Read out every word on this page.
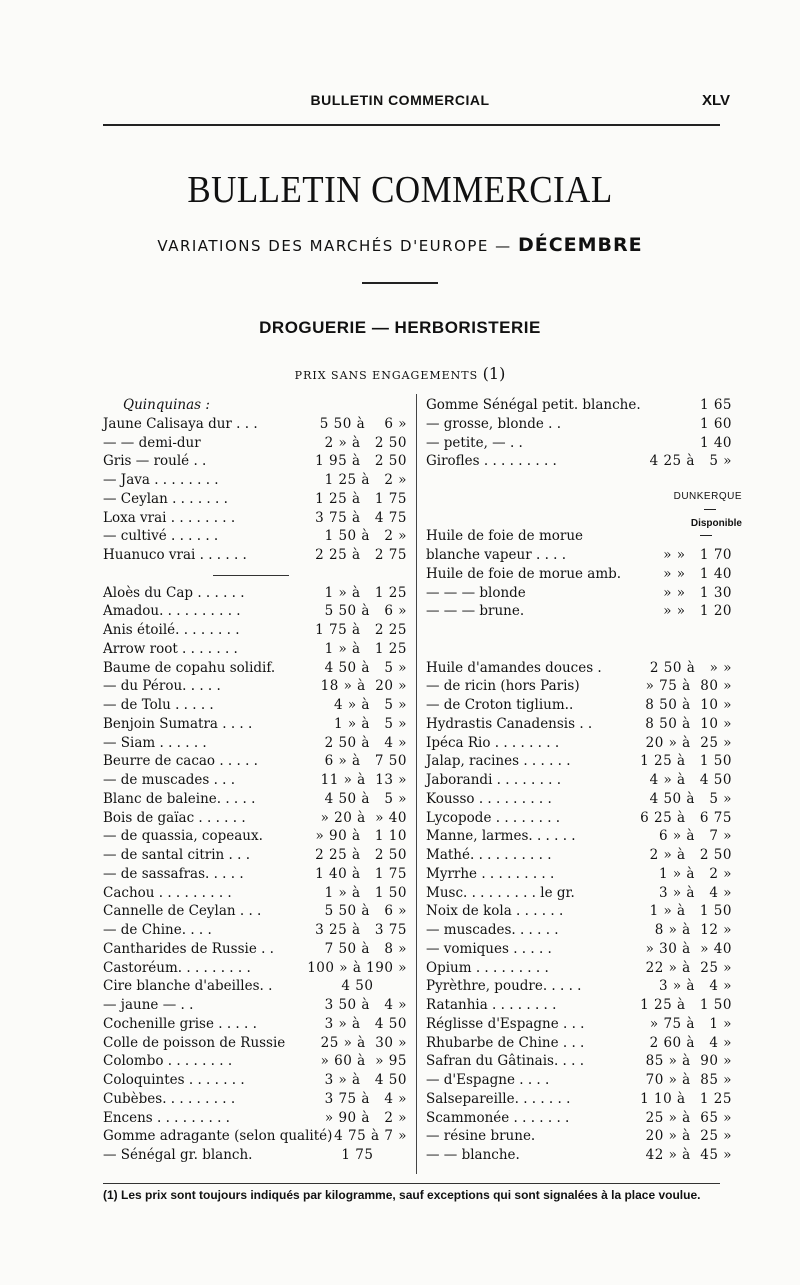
BULLETIN COMMERCIAL	XLV
BULLETIN COMMERCIAL
VARIATIONS DES MARCHÉS D'EUROPE — DÉCEMBRE
DROGUERIE — HERBORISTERIE
PRIX SANS ENGAGEMENTS (1)
Quinquinas :
Jaune Calisaya dur . . .	5 50 à    6 »
— — demi-dur	2 » à   2 50
Gris — roulé . .	1 95 à   2 50
— Java . . . . . . . .	1 25 à   2 »
— Ceylan . . . . . . .	1 25 à   1 75
Loxa vrai . . . . . . . .	3 75 à   4 75
— cultivé . . . . . .	1 50 à   2 »
Huanuco vrai . . . . . .	2 25 à   2 75
Aloès du Cap . . . . . .	1 » à   1 25
Amadou. . . . . . . . . .	5 50 à   6 »
Anis étoilé. . . . . . . .	1 75 à   2 25
Arrow root . . . . . . .	1 » à   1 25
Baume de copahu solidif.	4 50 à   5 »
— du Pérou. . . . .	18 » à  20 »
— de Tolu . . . . .	4 » à   5 »
Benjoin Sumatra . . . .	1 » à   5 »
— Siam . . . . . .	2 50 à   4 »
Beurre de cacao . . . . .	6 » à   7 50
— de muscades . . .	11 » à  13 »
Blanc de baleine. . . . .	4 50 à   5 »
Bois de gaïac . . . . . .	» 20 à  » 40
— de quassia, copeaux.	» 90 à   1 10
— de santal citrin . . .	2 25 à   2 50
— de sassafras. . . . .	1 40 à   1 75
Cachou . . . . . . . . .	1 » à   1 50
Cannelle de Ceylan . . .	5 50 à   6 »
— de Chine. . . .	3 25 à   3 75
Cantharides de Russie . .	7 50 à   8 »
Castoréum. . . . . . . . .	100 » à 190 »
Cire blanche d'abeilles. .	4 50
— jaune — . .	3 50 à   4 »
Cochenille grise . . . . .	3 » à   4 50
Colle de poisson de Russie	25 » à  30 »
Colombo . . . . . . . .	» 60 à  » 95
Coloquintes . . . . . . .	3 » à   4 50
Cubèbes. . . . . . . . .	3 75 à   4 »
Encens . . . . . . . . .	» 90 à   2 »
Gomme adragante (selon qualité) 4 75 à 7 »
— Sénégal gr. blanch.	1 75
Gomme Sénégal petit. blanche.	1 65
— grosse, blonde . .	1 60
— petite, — . .	1 40
Girofles . . . . . . . . .	4 25 à   5 »
Huile de foie de morue
blanche vapeur . . . .	» »   1 70
Huile de foie de morue amb.	» »   1 40
— — — blonde	» »   1 30
— — — brune.	» »   1 20
Huile d'amandes douces .	2 50 à   » »
— de ricin (hors Paris)	» 75 à  80 »
— de Croton tiglium..	8 50 à  10 »
Hydrastis Canadensis . .	8 50 à  10 »
Ipéca Rio . . . . . . . .	20 » à  25 »
Jalap, racines . . . . . .	1 25 à   1 50
Jaborandi . . . . . . . .	4 » à   4 50
Kousso . . . . . . . . .	4 50 à   5 »
Lycopode . . . . . . . .	6 25 à   6 75
Manne, larmes. . . . . .	6 » à   7 »
Mathé. . . . . . . . . .	2 » à   2 50
Myrrhe . . . . . . . . .	1 » à   2 »
Musc. . . . . . . . . le gr.	3 » à   4 »
Noix de kola . . . . . .	1 » à   1 50
— muscades. . . . . .	8 » à  12 »
— vomiques . . . . .	» 30 à  » 40
Opium . . . . . . . . .	22 » à  25 »
Pyrèthre, poudre. . . . .	3 » à   4 »
Ratanhia . . . . . . . .	1 25 à   1 50
Réglisse d'Espagne . . .	» 75 à   1 »
Rhubarbe de Chine . . .	2 60 à   4 »
Safran du Gâtinais. . . .	85 » à  90 »
— d'Espagne . . . .	70 » à  85 »
Salsepareille. . . . . . .	1 10 à   1 25
Scammonée . . . . . . .	25 » à  65 »
— résine brune.	20 » à  25 »
— — blanche.	42 » à  45 »
DUNKERQUE
Disponible
(1) Les prix sont toujours indiqués par kilogramme, sauf exceptions qui sont signalées à la place voulue.
